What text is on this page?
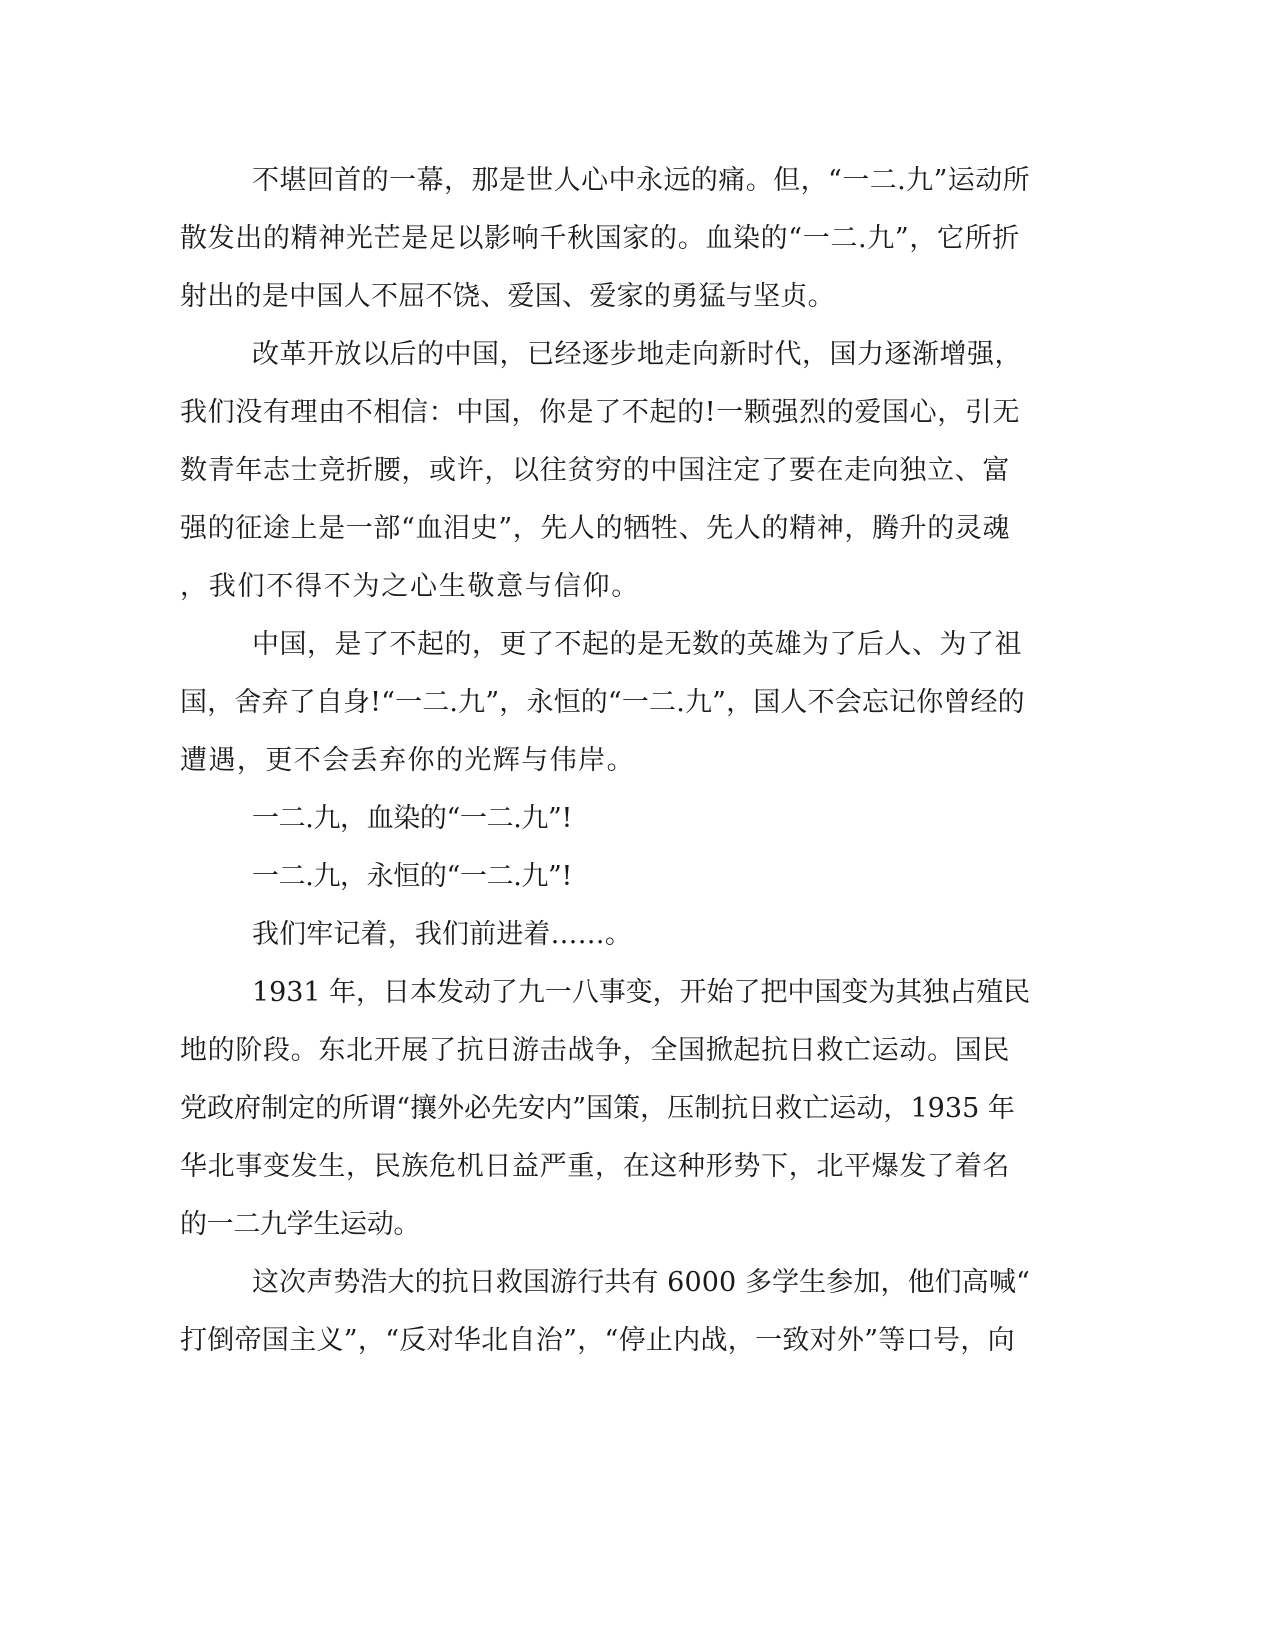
不堪回首的一幕，那是世人心中永远的痛。但，“一二.九”运动所
散发出的精神光芒是足以影响千秋国家的。血染的“一二.九”，它所折
射出的是中国人不屈不饶、爱国、爱家的勇猛与坚贞。
改革开放以后的中国，已经逐步地走向新时代，国力逐渐增强，
我们没有理由不相信：中国，你是了不起的!一颗强烈的爱国心，引无
数青年志士竞折腰，或许，以往贫穷的中国注定了要在走向独立、富
强的征途上是一部“血泪史”，先人的牺牲、先人的精神，腾升的灵魂
，我们不得不为之心生敬意与信仰。
中国，是了不起的，更了不起的是无数的英雄为了后人、为了祖
国，舍弃了自身!“一二.九”，永恒的“一二.九”，国人不会忘记你曾经的
遭遇，更不会丢弃你的光辉与伟岸。
一二.九，血染的“一二.九”!
一二.九，永恒的“一二.九”!
我们牢记着，我们前进着……。
1931 年，日本发动了九一八事变，开始了把中国变为其独占殖民
地的阶段。东北开展了抗日游击战争，全国掀起抗日救亡运动。国民
党政府制定的所谓“攘外必先安内”国策，压制抗日救亡运动，1935 年
华北事变发生，民族危机日益严重，在这种形势下，北平爆发了着名
的一二九学生运动。
这次声势浩大的抗日救国游行共有 6000 多学生参加，他们高喊“
打倒帝国主义”，“反对华北自治”，“停止内战，一致对外”等口号，向
